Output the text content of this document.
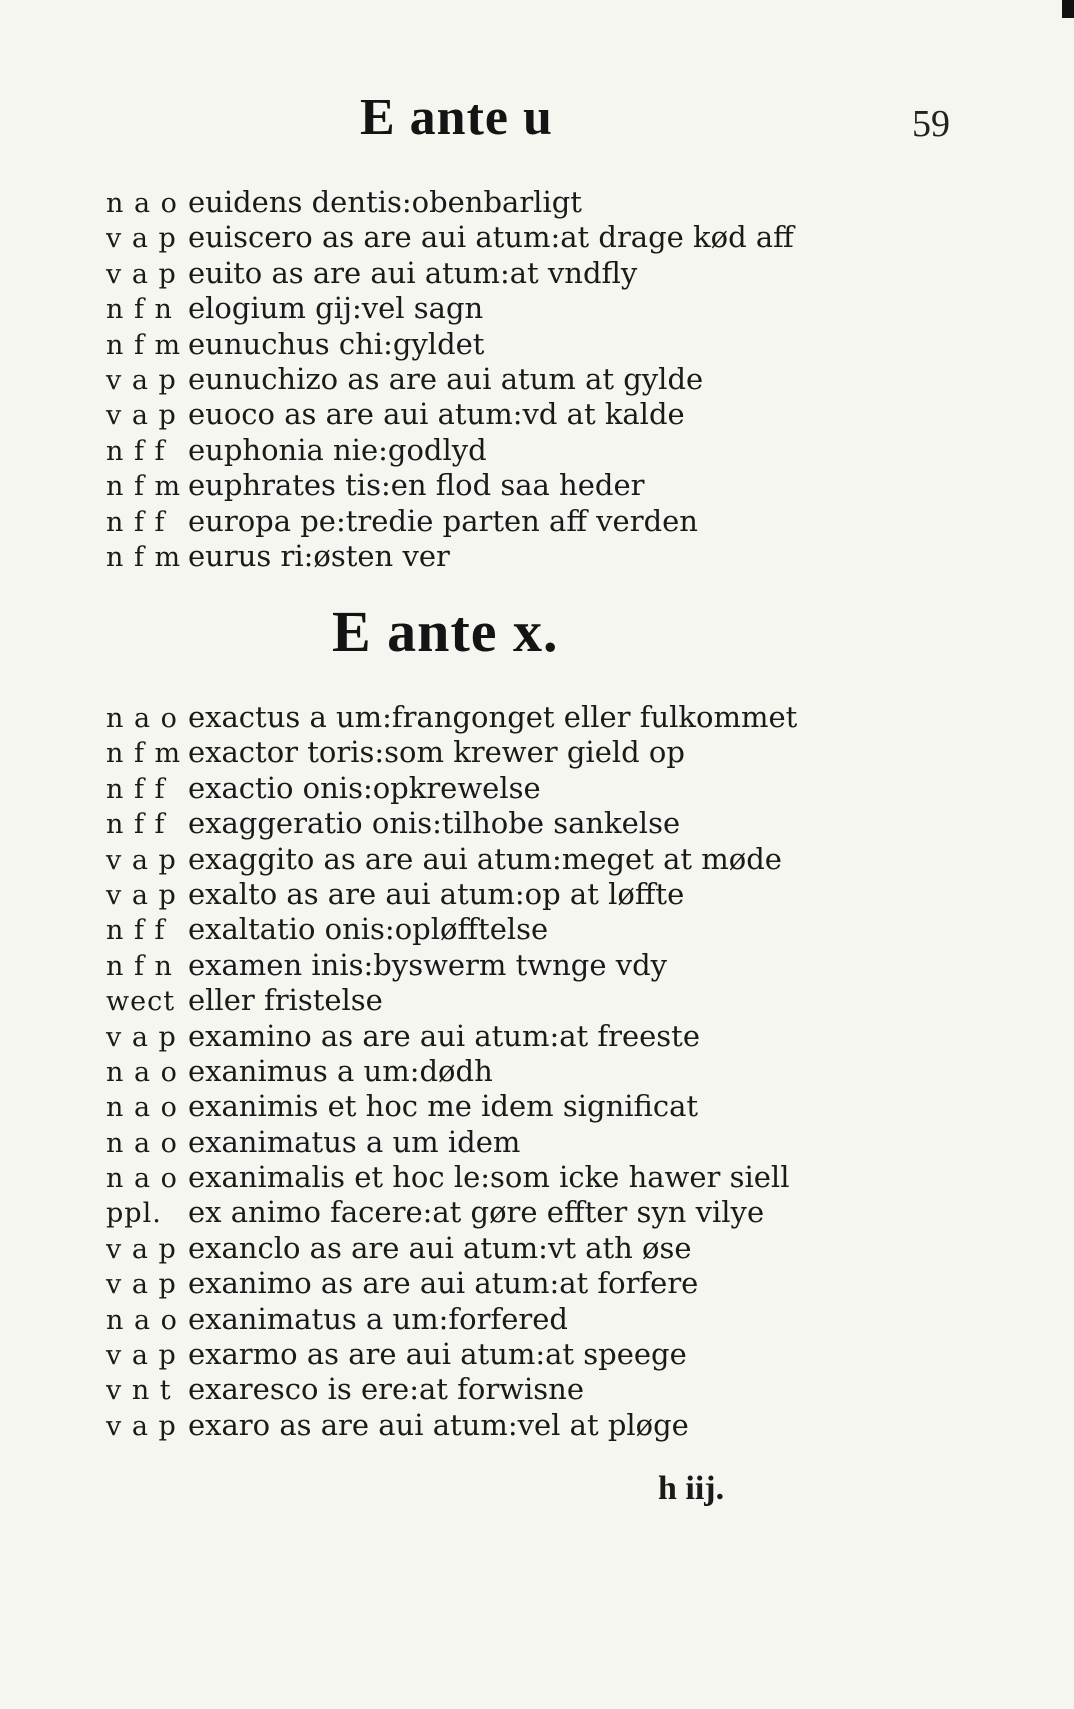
59
E ante u
n a o euidens dentis:obenbarligt
v a p euiscero as are aui atum:at drage kød aff
v a p euito as are aui atum:at vndfly
n f n elogium gij:vel sagn
n f m eunuchus chi:gyldet
v a p eunuchizo as are aui atum at gylde
v a p euoco as are aui atum:vd at kalde
n f f euphonia nie:godlyd
n f m euphrates tis:en flod saa heder
n f f europa pe:tredie parten aff verden
n f m eurus ri:østen ver
E ante x.
n a o exactus a um:frangonget eller fulkommet
n f m exactor toris:som krewer gield op
n f f exactio onis:opkrewelse
n f f exaggeratio onis:tilhobe sankelse
v a p exaggito as are aui atum:meget at møde
v a p exalto as are aui atum:op at løffte
n f f exaltatio onis:opløfftelse
n f n examen inis:byswerm twnge vdy
wect eller fristelse
v a p examino as are aui atum:at freeste
n a o exanimus a um:dødh
n a o exanimis et hoc me idem significat
n a o exanimatus a um idem
n a o exanimalis et hoc le:som icke hawer siell
ppl. ex animo facere:at gøre effter syn vilye
v a p exanclo as are aui atum:vt ath øse
v a p exanimo as are aui atum:at forfere
n a o exanimatus a um:forfered
v a p exarmo as are aui atum:at speege
v n t exaresco is ere:at forwisne
v a p exaro as are aui atum:vel at pløge
h iij.
